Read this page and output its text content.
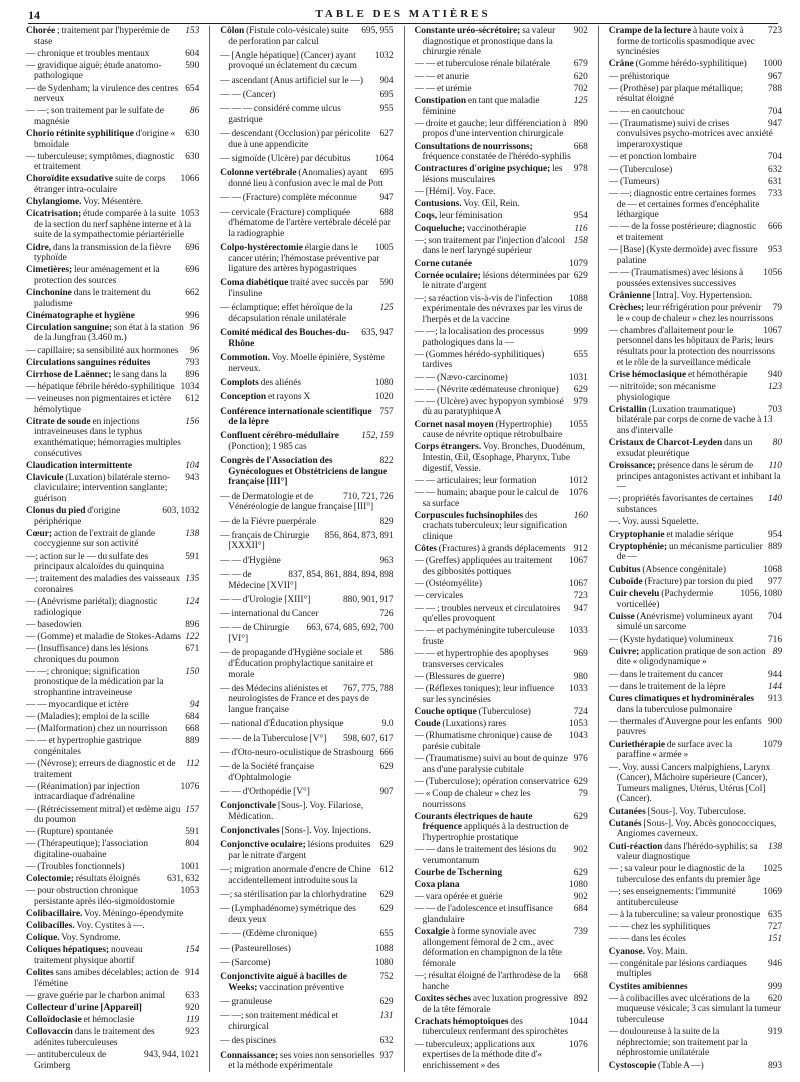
14	TABLE DES MATIÈRES

153
Chorée ; traitement par l'hyperémie de stase

604
— chronique et troubles mentaux

590
— gravidique aiguë; étude anatomo-pathologique

654
— de Sydenham; la virulence des centres nerveux

86
— —; son traitement par le sulfate de magnésie

630
Chorio rétinite syphilitique d'origine « bmoïdale

630
— tuberculeuse; symptômes, diagnostic et traitement

1066
Choroïdite exsudative suite de corps étranger intra-oculaire

Chylangiome. Voy. Mésentère.

1053
Cicatrisation; étude comparée à la suite de la section du nerf saphène interne et à la suite de la sympathectomie périartérielle

696
Cidre, dans la transmission de la fièvre typhoïde

696
Cimetières; leur aménagement et la protection des sources

662
Cinchonine dans le traitement du paludisme

996
Cinématographe et hygiène

96
Circulation sanguine; son état à la station de la Jungfrau (3.460 m.)

96
— capillaire; sa sensibilité aux hormones

793
Circulations sanguines réduites

896
Cirrhose de Laënnec; le sang dans la

1034
— hépatique fébrile hérédo-syphilitique

612
— veineuses non pigmentaires et ictère hémolytique

156
Citrate de soude en injections intraveineuses dans le typhus exanthématique; hémorragies multiples consécutives

104
Claudication intermittente

943
Clavicule (Luxation) bilatérale sterno-claviculaire; intervention sanglante; guérison

603, 1032
Clonus du pied d'origine périphérique

138
Cœur; action de l'extrait de glande coccygienne sur son activité

591
—; action sur le — du sulfate des principaux alcaloïdes du quinquina

135
—; traitement des maladies des vaisseaux coronaires

124
— (Anévrisme pariétal); diagnostic radiologique

896
— basedowien

122
— (Gomme) et maladie de Stokes-Adams

671
— (Insuffisance) dans les lésions chroniques du poumon

150
— —; chronique; signification pronostique de la médication par la strophantine intraveineuse

94
— — myocardique et ictère

684
— (Maladies); emploi de la scille

668
— (Malformation) chez un nourrisson

889
— — et hypertrophie gastrique congénitales

112
— (Névrose); erreurs de diagnostic et de traitement

1076
— (Réanimation) par injection intracardiaque d'adrénaline

157
— (Rétrécissement mitral) et œdème aigu du poumon

591
— (Rupture) spontanée

804
— (Thérapeutique); l'association digitaline-ouabaïne

1001
— (Troubles fonctionnels)

631, 632
Colectomie; résultats éloignés

1053
— pour obstruction chronique persistante après iléo-sigmoïdostomie

Colibacillaire. Voy. Méningo-épendymite

Colibacilles. Voy. Cystites à —.

Colique. Voy. Syndrome.

154
Coliques hépatiques; nouveau traitement physique abortif

914
Colites sans amibes décelables; action de l'émétine

633
— grave guérie par le charbon animal

920
Collecteur d'urine [Appareil]

119
Colloïdoclasie et hémoclasie

923
Collovaccin dans le traitement des adénites tuberculeuses

943, 944, 1021
— antituberculeux de Grimberg

695, 955
Côlon (Fistule colo-vésicale) suite de perforation par calcul

1032
— [Angle hépatique] (Cancer) ayant provoqué un éclatement du cæcum

904
— ascendant (Anus artificiel sur le —)

695
— — (Cancer)

955
— — — considéré comme ulcus gastrique

627
— descendant (Occlusion) par péricolite due à une appendicite

1064
— sigmoïde (Ulcère) par décubitus

695
Colonne vertébrale (Anomalies) ayant donné lieu à confusion avec le mal de Pott

947
— — (Fracture) complète méconnue

688
— cervicale (Fracture) compliquée d'hématome de l'artère vertébrale décelé par la radiographie

1005
Colpo-hystérectomie élargie dans le cancer utérin; l'hémostase préventive par ligature des artères hypogastriques

590
Coma diabétique traité avec succès par l'insuline

125
— éclamptique; effet héroïque de la décapsulation rénale unilatérale

635, 947
Comité médical des Bouches-du-Rhône

Commotion. Voy. Moelle épinière, Système nerveux.

1080
Complots des aliénés

1020
Conception et rayons X

757
Conférence internationale scientifique de la lèpre

152, 159
Confluent cérébro-médullaire (Ponction); 1 985 cas

822
Congrès de l'Association des Gynécologues et Obstétriciens de langue française [III°]

710, 721, 726
— de Dermatologie et de Vénéréologie de langue française [III°]

829
— de la Fièvre puerpérale

856, 864, 873, 891
— français de Chirurgie [XXXII°]

963
— — d'Hygiène

837, 854, 861, 884, 894, 898
— — de Médecine [XVII°]

880, 901, 917
— — d'Urologie [XIII°]

726
— international du Cancer

663, 674, 685, 692, 700
— — de Chirurgie [VI°]

586
— de propagande d'Hygiène sociale et d'Éducation prophylactique sanitaire et morale

767, 775, 788
— des Médecins aliénistes et neurologistes de France et des pays de langue française

9.0
— national d'Éducation physique

598, 607, 617
— — de la Tuberculose [V°]

666
— d'Oto-neuro-oculistique de Strasbourg

629
— de la Société française d'Ophtalmologie

907
— — d'Orthopédie [V°]

Conjonctivale [Sous-]. Voy. Filariose, Médication.

Conjonctivales [Sons-]. Voy. Injections.

629
Conjonctive oculaire; lésions produites par le nitrate d'argent

612
—; migration anormale d'encre de Chine accidentellement introduite sous la

629
—; sa stérilisation par la chlorhydratine

629
— (Lymphadénome) symétrique des deux yeux

655
— — (Œdème chronique)

1088
— (Pasteurelloses)

1080
— (Sarcome)

752
Conjonctivite aiguë à bacilles de Weeks; vaccination préventive

629
— granuleuse

131
— —; son traitement médical et chirurgical

632
— des piscines

937
Connaissance; ses voies non sensorielles et la méthode expérimentale

902
Constante uréo-sécrétoire; sa valeur diagnostique et pronostique dans la chirurgie rénale

679
— — et tuberculose rénale bilatérale

620
— — et anurie

702
— — et urémie

125
Constipation en tant que maladie féminine

890
— droite et gauche; leur différenciation à propos d'une intervention chirurgicale

668
Consultations de nourrissons; fréquence constatée de l'hérédo-syphilis

978
Contractures d'origine psychique; les lésions musculaires

— [Hémi]. Voy. Face.

Contusions. Voy. Œil, Rein.

954
Coqs, leur féminisation

116
Coqueluche; vaccinothérapie

158
—; son traitement par l'injection d'alcool dans le nerf laryngé supérieur

1079
Corne cutanée

629
Cornée oculaire; lésions déterminées par le nitrate d'argent

1088
—; sa réaction vis-à-vis de l'infection expérimentale des névraxes par les virus de l'herpès et de la vaccine

999
— —; la localisation des processus pathologiques dans la —

655
— (Gommes hérédo-syphilitiques) tardives

1031
— — (Nævo-carcinome)

629
— — (Névrite œdémateuse chronique)

979
— — (Ulcère) avec hypopyon symbiosé dù au paratyphique A

1055
Cornet nasal moyen (Hypertrophie) cause de névrite optique rétrobulbaire

Corps étrangers. Voy. Bronches, Duodénum, Intestin, Œil, Œsophage, Pharynx, Tube digestif, Vessie.

1012
— — articulaires; leur formation

1076
— — humain; abaque pour le calcul de sa surface

160
Corpuscules fuchsinophiles des crachats tuberculeux; leur signification clinique

912
Côtes (Fractures) à grands déplacements

1067
— (Greffes) appliquées au traitement des gibbosités pottiques

1067
— (Ostéomyélite)

723
— cervicales

947
— — ; troubles nerveux et circulatoires qu'elles provoquent

1033
— — et pachyméningite tuberculeuse fruste

969
— — et hypertrophie des apophyses transverses cervicales

980
— (Blessures de guerre)

1033
— (Réflexes toniques); leur influence sur les syncinésies

724
Couche optique (Tuberculose)

1053
Coude (Luxations) rares

1043
— (Rhumatisme chronique) cause de parésie cubitale

976
— (Traumatisme) suivi au bout de quinze ans d'une paralysie cubitale

629
— (Tuberculose); opération conservatrice

79
— « Coup de chaleur » chez les nourrissons

629
Courants électriques de haute fréquence appliqués à la destruction de l'hypertrophie prostatique

902
— — dans le traitement des lésions du verumontanum

629
Courbe de Tscherning

1080
Coxa plana

902
— vara opérée et guérie

684
— — de l'adolescence et insuffisance glandulaire

739
Coxalgie à forme synoviale avec allongement fémoral de 2 cm., avec déformation en champignon de la tête fémorale

668
—; résultat éloigné de l'arthrodèse de la hanche

892
Coxites sèches avec luxation progressive de la tête fémorale

1044
Crachats hémoptoïques des tuberculeux renfermant des spirochètes

1076
— tuberculeux; applications aux expertises de la méthode dite d'« enrichissement » des

723
Crampe de la lecture à haute voix à forme de torticolis spasmodique avec syncinésies

1000
Crâne (Gomme hérédo-syphilitique)

967
— préhistorique

788
— (Prothèse) par plaque métallique; résultat éloigné

704
— — en caoutchouc

947
— (Traumatisme) suivi de crises convulsives psycho-motrices avec anxiété imperaroxystique

704
— et ponction lombaire

632
— (Tuberculose)

631
— (Tumeurs)

733
— —; diagnostic entre certaines formes de — et certaines formes d'encéphalite léthargique

666
— — de la fosse postérieure; diagnostic et traitement

953
— [Base] (Kyste dermoïde) avec fissure palatine

1056
— — (Traumatismes) avec lésions à poussées extensives successives

Crânienne [Intra]. Voy. Hypertension.

79
Crèches; leur réfrigération pour prévenir le « coup de chaleur » chez les nourrissons

1067
— chambres d'allaitement pour le personnel dans les hôpitaux de Paris; leurs résultats pour la protection des nourrissons et le rôle de la surveillance médicale

940
Crise hémoclasique et hémothérapie

123
— nitritoïde; son mécanisme physiologique

703
Cristallin (Luxation traumatique) bilatérale par corps de corne de vache à 13 ans d'intervalle

80
Cristaux de Charcot-Leyden dans un exsudat pleurétique

110
Croissance; présence dans le sérum de principes antagonistes activant et inhibant la —

140
—; propriétés favorisantes de certaines substances

—. Voy. aussi Squelette.

954
Cryptophanie et maladie sérique

889
Cryptophénie; un mécanisme particulier de —

1068
Cubitus (Absence congénitale)

977
Cuboïde (Fracture) par torsion du pied

1056, 1080
Cuir chevelu (Pachydermie vorticellée)

704
Cuisse (Anévrisme) volumineux ayant simulé un sarcome

716
— (Kyste hydatique) volumineux

89
Cuivre; application pratique de son action dite « oligodynamique »

944
— dans le traitement du cancer

144
— dans le traitement de la lèpre

913
Cures climatiques et hydrominérales dans la tuberculose pulmonaire

900
— thermales d'Auvergne pour les enfants pauvres

1079
Curiethérapie de surface avec la paraffine « armée »

—. Voy. aussi Cancers malpighiens, Larynx (Cancer), Mâchoire supérieure (Cancer), Tumeurs malignes, Utérus, Utérus [Col] (Cancer).

Cutanées [Sous-]. Voy. Tuberculose.

Cutanés [Sous-]. Voy. Abcès gonococciques, Angiomes caverneux.

138
Cuti-réaction dans l'hérédo-syphilis; sa valeur diagnostique

1025
— ; sa valeur pour le diagnostic de la tuberculose des enfants du premier âge

1069
—; ses enseignements: l'immunité antituberculeuse

635
— à la tuberculine; sa valeur pronostique

727
— — chez les syphilitiques

151
— — dans les écoles

Cyanose. Voy. Main.

946
— congénitale par lésions cardiaques multiples

999
Cystites amibiennes

620
— à colibacilles avec ulcérations de la muqueuse vésicale; 3 cas simulant la tumeur tuberculeuse

919
— douloureuse à la suite de la néphrectomie; son traitement par la néphrostomie unilatérale

893
Cystoscopie (Table A —)
